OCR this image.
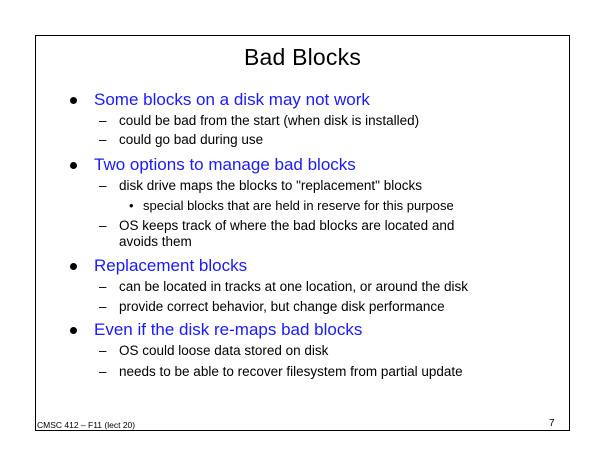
Bad Blocks
Some blocks on a disk may not work
– could be bad from the start (when disk is installed)
– could go bad during use
Two options to manage bad blocks
– disk drive maps the blocks to "replacement" blocks
• special blocks that are held in reserve for this purpose
– OS keeps track of where the bad blocks are located and
avoids them
Replacement blocks
– can be located in tracks at one location, or around the disk
– provide correct behavior, but change disk performance
Even if the disk re-maps bad blocks
– OS could loose data stored on disk
– needs to be able to recover filesystem from partial update
CMSC 412 – F11 (lect 20)	7
